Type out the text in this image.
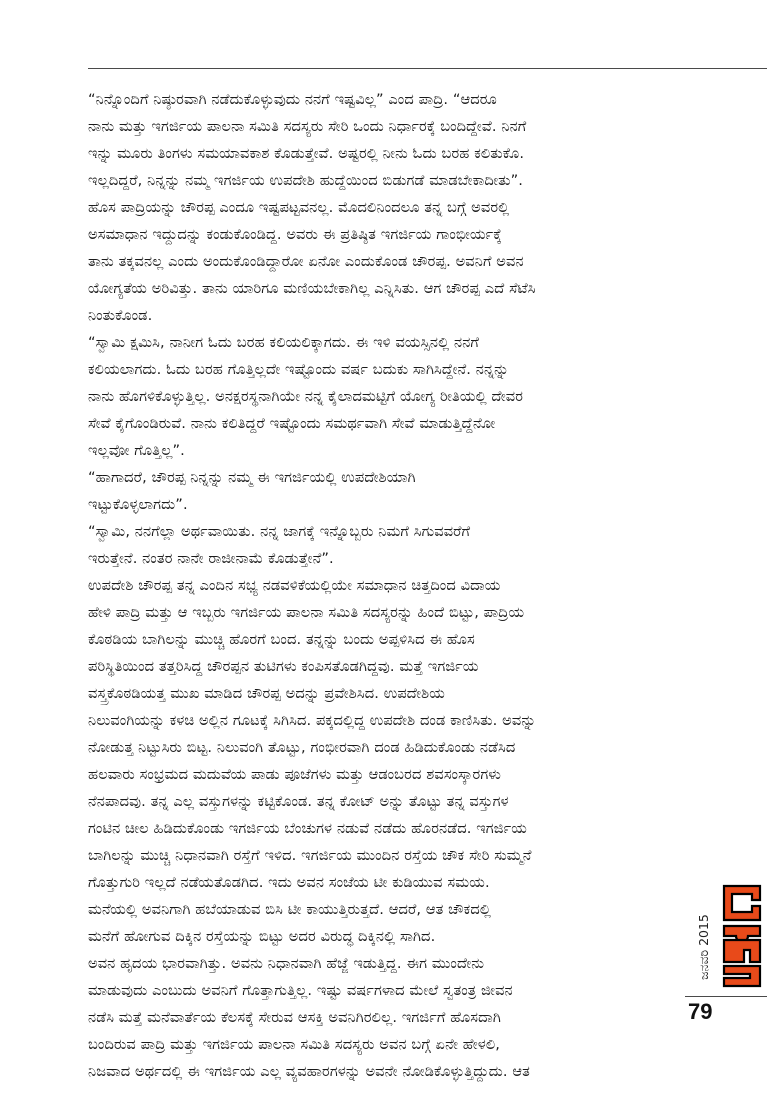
“ನಿನ್ನೊಂದಿಗೆ ನಿಷ್ಠುರವಾಗಿ ನಡೆದುಕೊಳ್ಳುವುದು ನನಗೆ ಇಷ್ಟವಿಲ್ಲ” ಎಂದ ಪಾದ್ರಿ. “ಆದರೂ
ನಾನು ಮತ್ತು ಇಗರ್ಜಿಯ ಪಾಲನಾ ಸಮಿತಿ ಸದಸ್ಯರು ಸೇರಿ ಒಂದು ನಿರ್ಧಾರಕ್ಕೆ ಬಂದಿದ್ದೇವೆ. ನಿನಗೆ
ಇನ್ನು ಮೂರು ತಿಂಗಳು ಸಮಯಾವಕಾಶ ಕೊಡುತ್ತೇವೆ. ಅಷ್ಟರಲ್ಲಿ ನೀನು ಓದು ಬರಹ ಕಲಿತುಕೊ.
ಇಲ್ಲದಿದ್ದರೆ, ನಿನ್ನನ್ನು ನಮ್ಮ ಇಗರ್ಜಿಯ ಉಪದೇಶಿ ಹುದ್ದೆಯಿಂದ ಬಿಡುಗಡೆ ಮಾಡಬೇಕಾದೀತು”.
ಹೊಸ ಪಾದ್ರಿಯನ್ನು ಚೌರಪ್ಪ ಎಂದೂ ಇಷ್ಟಪಟ್ಟವನಲ್ಲ. ಮೊದಲಿನಿಂದಲೂ ತನ್ನ ಬಗ್ಗೆ ಅವರಲ್ಲಿ
ಅಸಮಾಧಾನ ಇದ್ದುದನ್ನು ಕಂಡುಕೊಂಡಿದ್ದ. ಅವರು ಈ ಪ್ರತಿಷ್ಠಿತ ಇಗರ್ಜಿಯ ಗಾಂಭೀರ್ಯಕ್ಕೆ
ತಾನು ತಕ್ಕವನಲ್ಲ ಎಂದು ಅಂದುಕೊಂಡಿದ್ದಾರೋ ಏನೋ ಎಂದುಕೊಂಡ ಚೌರಪ್ಪ. ಅವನಿಗೆ ಅವನ
ಯೋಗ್ಯತೆಯ ಅರಿವಿತ್ತು. ತಾನು ಯಾರಿಗೂ ಮಣಿಯಬೇಕಾಗಿಲ್ಲ ಎನ್ನಿಸಿತು. ಆಗ ಚೌರಪ್ಪ ಎದೆ ಸೆಟೆಸಿ
ನಿಂತುಕೊಂಡ.
“ಸ್ವಾಮಿ ಕ್ಷಮಿಸಿ, ನಾನೀಗ ಓದು ಬರಹ ಕಲಿಯಲಿಕ್ಕಾಗದು. ಈ ಇಳಿ ವಯಸ್ಸಿನಲ್ಲಿ ನನಗೆ
ಕಲಿಯಲಾಗದು. ಓದು ಬರಹ ಗೊತ್ತಿಲ್ಲದೇ ಇಷ್ಟೊಂದು ವರ್ಷ ಬದುಕು ಸಾಗಿಸಿದ್ದೇನೆ. ನನ್ನನ್ನು
ನಾನು ಹೊಗಳಿಕೊಳ್ಳುತ್ತಿಲ್ಲ. ಅನಕ್ಷರಸ್ಥನಾಗಿಯೇ ನನ್ನ ಕೈಲಾದಮಟ್ಟಿಗೆ ಯೋಗ್ಯ ರೀತಿಯಲ್ಲಿ ದೇವರ
ಸೇವೆ ಕೈಗೊಂಡಿರುವೆ. ನಾನು ಕಲಿತಿದ್ದರೆ ಇಷ್ಟೊಂದು ಸಮರ್ಥವಾಗಿ ಸೇವೆ ಮಾಡುತ್ತಿದ್ದೆನೋ
ಇಲ್ಲವೋ ಗೊತ್ತಿಲ್ಲ”.
“ಹಾಗಾದರೆ, ಚೌರಪ್ಪ ನಿನ್ನನ್ನು ನಮ್ಮ ಈ ಇಗರ್ಜಿಯಲ್ಲಿ ಉಪದೇಶಿಯಾಗಿ
ಇಟ್ಟುಕೊಳ್ಳಲಾಗದು”.
“ಸ್ವಾಮಿ, ನನಗೆಲ್ಲಾ ಅರ್ಥವಾಯಿತು. ನನ್ನ ಜಾಗಕ್ಕೆ ಇನ್ನೊಬ್ಬರು ನಿಮಗೆ ಸಿಗುವವರೆಗೆ
ಇರುತ್ತೇನೆ. ನಂತರ ನಾನೇ ರಾಜೀನಾಮೆ ಕೊಡುತ್ತೇನೆ”.
ಉಪದೇಶಿ ಚೌರಪ್ಪ ತನ್ನ ಎಂದಿನ ಸಭ್ಯ ನಡವಳಿಕೆಯಲ್ಲಿಯೇ ಸಮಾಧಾನ ಚಿತ್ತದಿಂದ ವಿದಾಯ
ಹೇಳಿ ಪಾದ್ರಿ ಮತ್ತು ಆ ಇಬ್ಬರು ಇಗರ್ಜಿಯ ಪಾಲನಾ ಸಮಿತಿ ಸದಸ್ಯರನ್ನು ಹಿಂದೆ ಬಿಟ್ಟು, ಪಾದ್ರಿಯ
ಕೊಠಡಿಯ ಬಾಗಿಲನ್ನು ಮುಚ್ಚಿ ಹೊರಗೆ ಬಂದ. ತನ್ನನ್ನು ಬಂದು ಅಪ್ಪಳಿಸಿದ ಈ ಹೊಸ
ಪರಿಸ್ಥಿತಿಯಿಂದ ತತ್ತರಿಸಿದ್ದ ಚೌರಪ್ಪನ ತುಟಿಗಳು ಕಂಪಿಸತೊಡಗಿದ್ದವು. ಮತ್ತೆ ಇಗರ್ಜಿಯ
ವಸ್ತ್ರಕೊಠಡಿಯತ್ತ ಮುಖ ಮಾಡಿದ ಚೌರಪ್ಪ ಅದನ್ನು ಪ್ರವೇಶಿಸಿದ. ಉಪದೇಶಿಯ
ನಿಲುವಂಗಿಯನ್ನು ಕಳಚಿ ಅಲ್ಲಿನ ಗೂಟಕ್ಕೆ ಸಿಗಿಸಿದ. ಪಕ್ಕದಲ್ಲಿದ್ದ ಉಪದೇಶಿ ದಂಡ ಕಾಣಿಸಿತು. ಅವನ್ನು
ನೋಡುತ್ತ ನಿಟ್ಟುಸಿರು ಬಿಟ್ಟ. ನಿಲುವಂಗಿ ತೊಟ್ಟು, ಗಂಭೀರವಾಗಿ ದಂಡ ಹಿಡಿದುಕೊಂಡು ನಡೆಸಿದ
ಹಲವಾರು ಸಂಭ್ರಮದ ಮದುವೆಯ ಪಾಡು ಪೂಜೆಗಳು ಮತ್ತು ಆಡಂಬರದ ಶವಸಂಸ್ಕಾರಗಳು
ನೆನಪಾದವು. ತನ್ನ ಎಲ್ಲ ವಸ್ತುಗಳನ್ನು ಕಟ್ಟಿಕೊಂಡ. ತನ್ನ ಕೋಟ್ ಅನ್ನು ತೊಟ್ಟು ತನ್ನ ವಸ್ತುಗಳ
ಗಂಟಿನ ಚೀಲ ಹಿಡಿದುಕೊಂಡು ಇಗರ್ಜಿಯ ಬೆಂಚುಗಳ ನಡುವೆ ನಡೆದು ಹೊರನಡೆದ. ಇಗರ್ಜಿಯ
ಬಾಗಿಲನ್ನು ಮುಚ್ಚಿ ನಿಧಾನವಾಗಿ ರಸ್ತೆಗೆ ಇಳಿದ. ಇಗರ್ಜಿಯ ಮುಂದಿನ ರಸ್ತೆಯ ಚೌಕ ಸೇರಿ ಸುಮ್ಮನೆ
ಗೊತ್ತುಗುರಿ ಇಲ್ಲದೆ ನಡೆಯತೊಡಗಿದ. ಇದು ಅವನ ಸಂಜೆಯ ಟೀ ಕುಡಿಯುವ ಸಮಯ.
ಮನೆಯಲ್ಲಿ ಅವನಿಗಾಗಿ ಹಬೆಯಾಡುವ ಬಿಸಿ ಟೀ ಕಾಯುತ್ತಿರುತ್ತದೆ. ಆದರೆ, ಆತ ಚೌಕದಲ್ಲಿ
ಮನೆಗೆ ಹೋಗುವ ದಿಕ್ಕಿನ ರಸ್ತೆಯನ್ನು ಬಿಟ್ಟು ಅದರ ವಿರುದ್ಧ ದಿಕ್ಕಿನಲ್ಲಿ ಸಾಗಿದ.
ಅವನ ಹೃದಯ ಭಾರವಾಗಿತ್ತು. ಅವನು ನಿಧಾನವಾಗಿ ಹೆಜ್ಜೆ ಇಡುತ್ತಿದ್ದ. ಈಗ ಮುಂದೇನು
ಮಾಡುವುದು ಎಂಬುದು ಅವನಿಗೆ ಗೊತ್ತಾಗುತ್ತಿಲ್ಲ. ಇಷ್ಟು ವರ್ಷಗಳಾದ ಮೇಲೆ ಸ್ವತಂತ್ರ ಜೀವನ
ನಡೆಸಿ ಮತ್ತೆ ಮನೆವಾರ್ತೆಯ ಕೆಲಸಕ್ಕೆ ಸೇರುವ ಆಸಕ್ತಿ ಅವನಿಗಿರಲಿಲ್ಲ. ಇಗರ್ಜಿಗೆ ಹೊಸದಾಗಿ
ಬಂದಿರುವ ಪಾದ್ರಿ ಮತ್ತು ಇಗರ್ಜಿಯ ಪಾಲನಾ ಸಮಿತಿ ಸದಸ್ಯರು ಅವನ ಬಗ್ಗೆ ಏನೇ ಹೇಳಲಿ,
ನಿಜವಾದ ಅರ್ಥದಲ್ಲಿ ಈ ಇಗರ್ಜಿಯ ಎಲ್ಲ ವ್ಯವಹಾರಗಳನ್ನು ಅವನೇ ನೋಡಿಕೊಳ್ಳುತ್ತಿದ್ದುದು. ಆತ
ಜನವರಿ 2015
79
